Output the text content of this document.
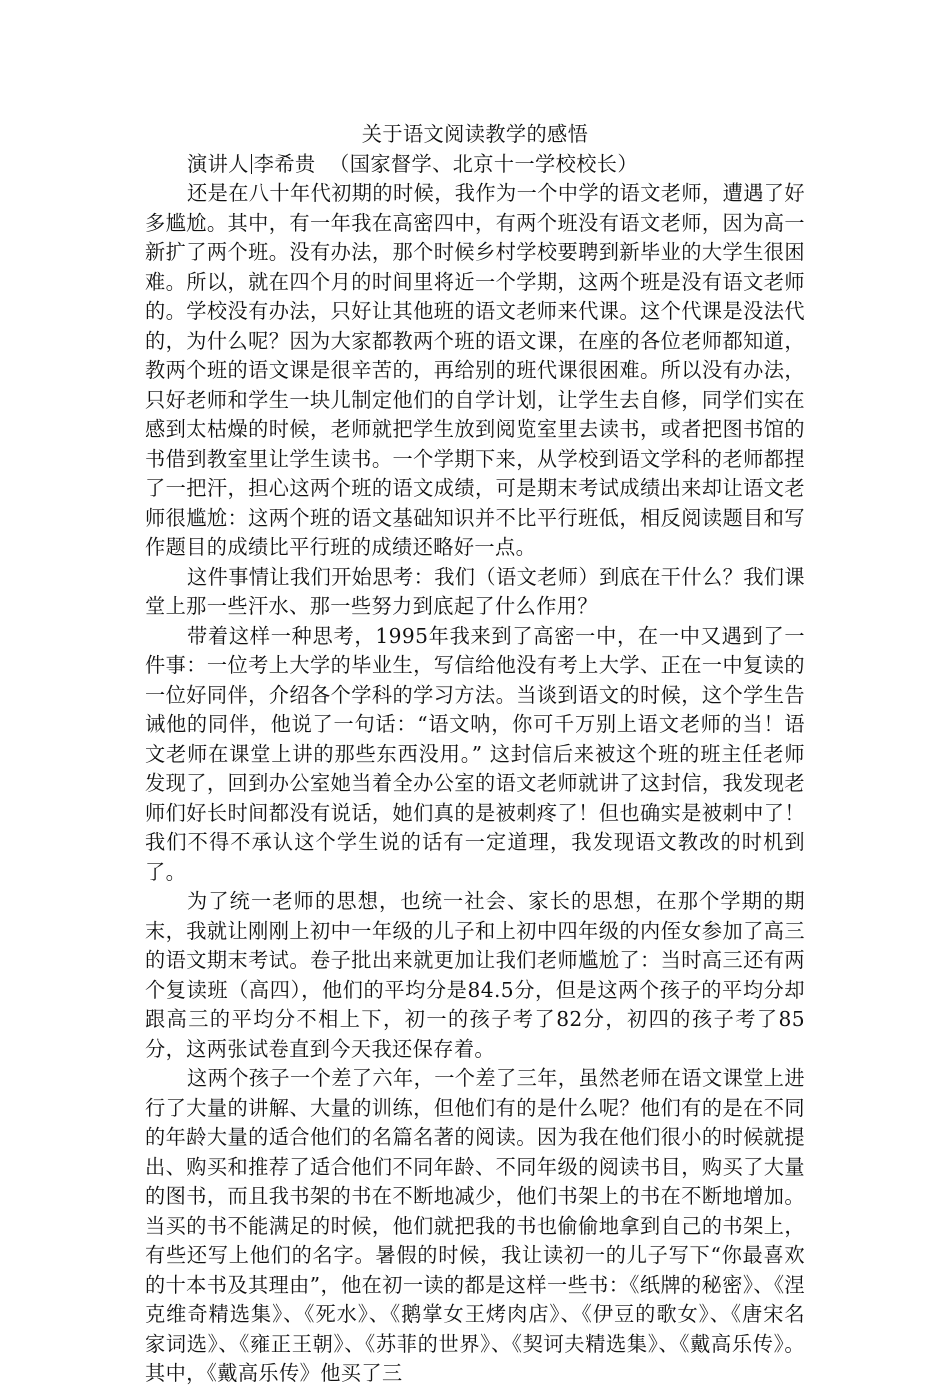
关于语文阅读教学的感悟
演讲人 李希贵 （国家督学、北京十一学校校长）

还是在八十年代初期的时候，我作为一个中学的语文老师，遭遇了好多尴尬。其中，有一年我在高密四中，有两个班没有语文老师，因为高一新扩了两个班。没有办法，那个时候乡村学校要聘到新毕业的大学生很困难。所以，就在四个月的时间里将近一个学期，这两个班是没有语文老师的。学校没有办法，只好让其他班的语文老师来代课。这个代课是没法代的，为什么呢？因为大家都教两个班的语文课，在座的各位老师都知道，教两个班的语文课是很辛苦的，再给别的班代课很困难。所以没有办法，只好老师和学生一块儿制定他们的自学计划，让学生去自修，同学们实在感到太枯燥的时候，老师就把学生放到阅览室里去读书，或者把图书馆的书借到教室里让学生读书。一个学期下来，从学校到语文学科的老师都捏了一把汗，担心这两个班的语文成绩，可是期末考试成绩出来却让语文老师很尴尬：这两个班的语文基础知识并不比平行班低，相反阅读题目和写作题目的成绩比平行班的成绩还略好一点。

这件事情让我们开始思考：我们（语文老师）到底在干什么？我们课堂上那一些汗水、那一些努力到底起了什么作用？

带着这样一种思考，1995年我来到了高密一中，在一中又遇到了一件事：一位考上大学的毕业生，写信给他没有考上大学、正在一中复读的一位好同伴，介绍各个学科的学习方法。当谈到语文的时候，这个学生告诫他的同伴，他说了一句话：“语文呐，你可千万别上语文老师的当！语文老师在课堂上讲的那些东西没用。” 这封信后来被这个班的班主任老师发现了，回到办公室她当着全办公室的语文老师就讲了这封信，我发现老师们好长时间都没有说话，她们真的是被刺疼了！但也确实是被刺中了！我们不得不承认这个学生说的话有一定道理，我发现语文教改的时机到了。

为了统一老师的思想，也统一社会、家长的思想，在那个学期的期末，我就让刚刚上初中一年级的儿子和上初中四年级的内侄女参加了高三的语文期末考试。卷子批出来就更加让我们老师尴尬了：当时高三还有两个复读班（高四），他们的平均分是84.5分，但是这两个孩子的平均分却跟高三的平均分不相上下，初一的孩子考了82分，初四的孩子考了85分，这两张试卷直到今天我还保存着。

这两个孩子一个差了六年，一个差了三年，虽然老师在语文课堂上进行了大量的讲解、大量的训练，但他们有的是什么呢？他们有的是在不同的年龄大量的适合他们的名篇名著的阅读。因为我在他们很小的时候就提出、购买和推荐了适合他们不同年龄、不同年级的阅读书目，购买了大量的图书，而且我书架的书在不断地减少，他们书架上的书在不断地增加。当买的书不能满足的时候，他们就把我的书也偷偷地拿到自己的书架上，有些还写上他们的名字。暑假的时候，我让读初一的儿子写下“你最喜欢的十本书及其理由”，他在初一读的都是这样一些书：《纸牌的秘密》、《涅克维奇精选集》、《死水》、《鹅掌女王烤肉店》、《伊豆的歌女》、《唐宋名家词选》、《雍正王朝》、《苏菲的世界》、《契诃夫精选集》、《戴高乐传》。其中，《戴高乐传》他买了三
